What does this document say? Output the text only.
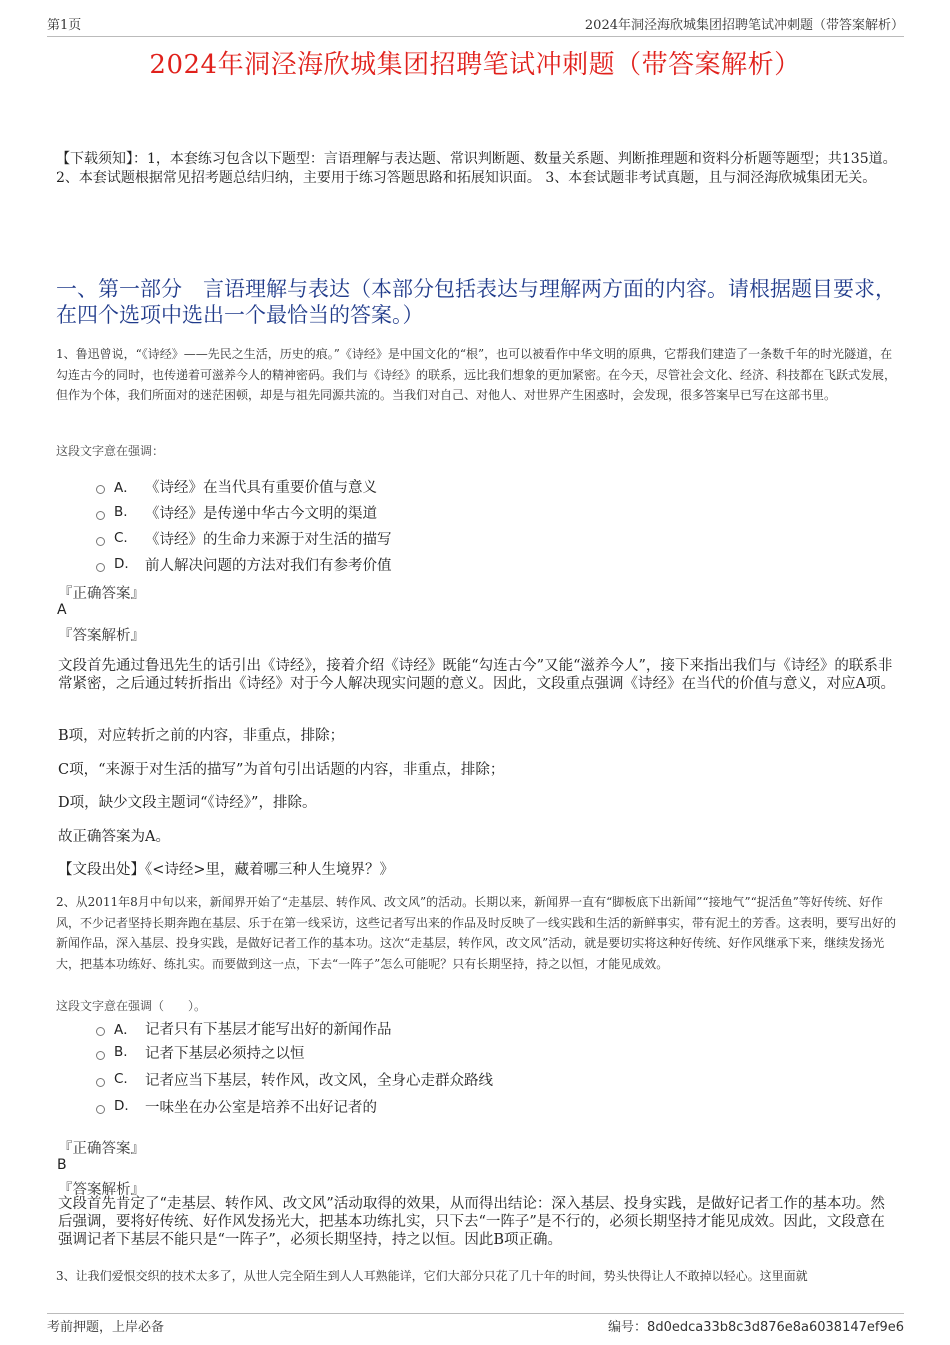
第1页	2024年洞泾海欣城集团招聘笔试冲刺题（带答案解析）
2024年洞泾海欣城集团招聘笔试冲刺题（带答案解析）
【下载须知】：1，本套练习包含以下题型：言语理解与表达题、常识判断题、数量关系题、判断推理题和资料分析题等题型；共135道。 2、本套试题根据常见招考题总结归纳，主要用于练习答题思路和拓展知识面。 3、本套试题非考试真题，且与洞泾海欣城集团无关。
一、第一部分　言语理解与表达（本部分包括表达与理解两方面的内容。请根据题目要求，在四个选项中选出一个最恰当的答案。）
1、鲁迅曾说，“《诗经》——先民之生活，历史的痕。”《诗经》是中国文化的“根”，也可以被看作中华文明的原典，它帮我们建造了一条数千年的时光隧道，在勾连古今的同时，也传递着可滋养今人的精神密码。我们与《诗经》的联系，远比我们想象的更加紧密。在今天，尽管社会文化、经济、科技都在飞跃式发展，但作为个体，我们所面对的迷茫困顿，却是与祖先同源共流的。当我们对自己、对他人、对世界产生困惑时，会发现，很多答案早已写在这部书里。
这段文字意在强调：
A． 《诗经》在当代具有重要价值与意义
B.	《诗经》是传递中华古今文明的渠道
C.	《诗经》的生命力来源于对生活的描写
D.	前人解决问题的方法对我们有参考价值
『正确答案』
A
『答案解析』
文段首先通过鲁迅先生的话引出《诗经》，接着介绍《诗经》既能“勾连古今”又能“滋养今人”，接下来指出我们与《诗经》的联系非常紧密，之后通过转折指出《诗经》对于今人解决现实问题的意义。因此，文段重点强调《诗经》在当代的价值与意义，对应A项。
B项，对应转折之前的内容，非重点，排除；
C项，“来源于对生活的描写”为首句引出话题的内容，非重点，排除；
D项，缺少文段主题词“《诗经》”，排除。
故正确答案为A。
【文段出处】《<诗经>里，藏着哪三种人生境界？》
2、从2011年8月中旬以来，新闻界开始了“走基层、转作风、改文风”的活动。长期以来，新闻界一直有“脚板底下出新闻”“接地气”“捉活鱼”等好传统、好作风，不少记者坚持长期奔跑在基层、乐于在第一线采访，这些记者写出来的作品及时反映了一线实践和生活的新鲜事实，带有泥土的芳香。这表明，要写出好的新闻作品，深入基层、投身实践，是做好记者工作的基本功。这次“走基层，转作风，改文风”活动，就是要切实将这种好传统、好作风继承下来，继续发扬光大，把基本功练好、练扎实。而要做到这一点，下去“一阵子”怎么可能呢？只有长期坚持，持之以恒，才能见成效。
这段文字意在强调（　　）。
A． 记者只有下基层才能写出好的新闻作品
B.	记者下基层必须持之以恒
C.	记者应当下基层，转作风，改文风，全身心走群众路线
D.	一味坐在办公室是培养不出好记者的
『正确答案』
B
『答案解析』
文段首先肯定了“走基层、转作风、改文风”活动取得的效果，从而得出结论：深入基层、投身实践，是做好记者工作的基本功。然后强调，要将好传统、好作风发扬光大，把基本功练扎实，只下去“一阵子”是不行的，必须长期坚持才能见成效。因此，文段意在强调记者下基层不能只是“一阵子”，必须长期坚持，持之以恒。因此B项正确。
3、让我们爱恨交织的技术太多了，从世人完全陌生到人人耳熟能详，它们大部分只花了几十年的时间，势头快得让人不敢掉以轻心。这里面就
考前押题，上岸必备	编号：8d0edca33b8c3d876e8a6038147ef9e6
